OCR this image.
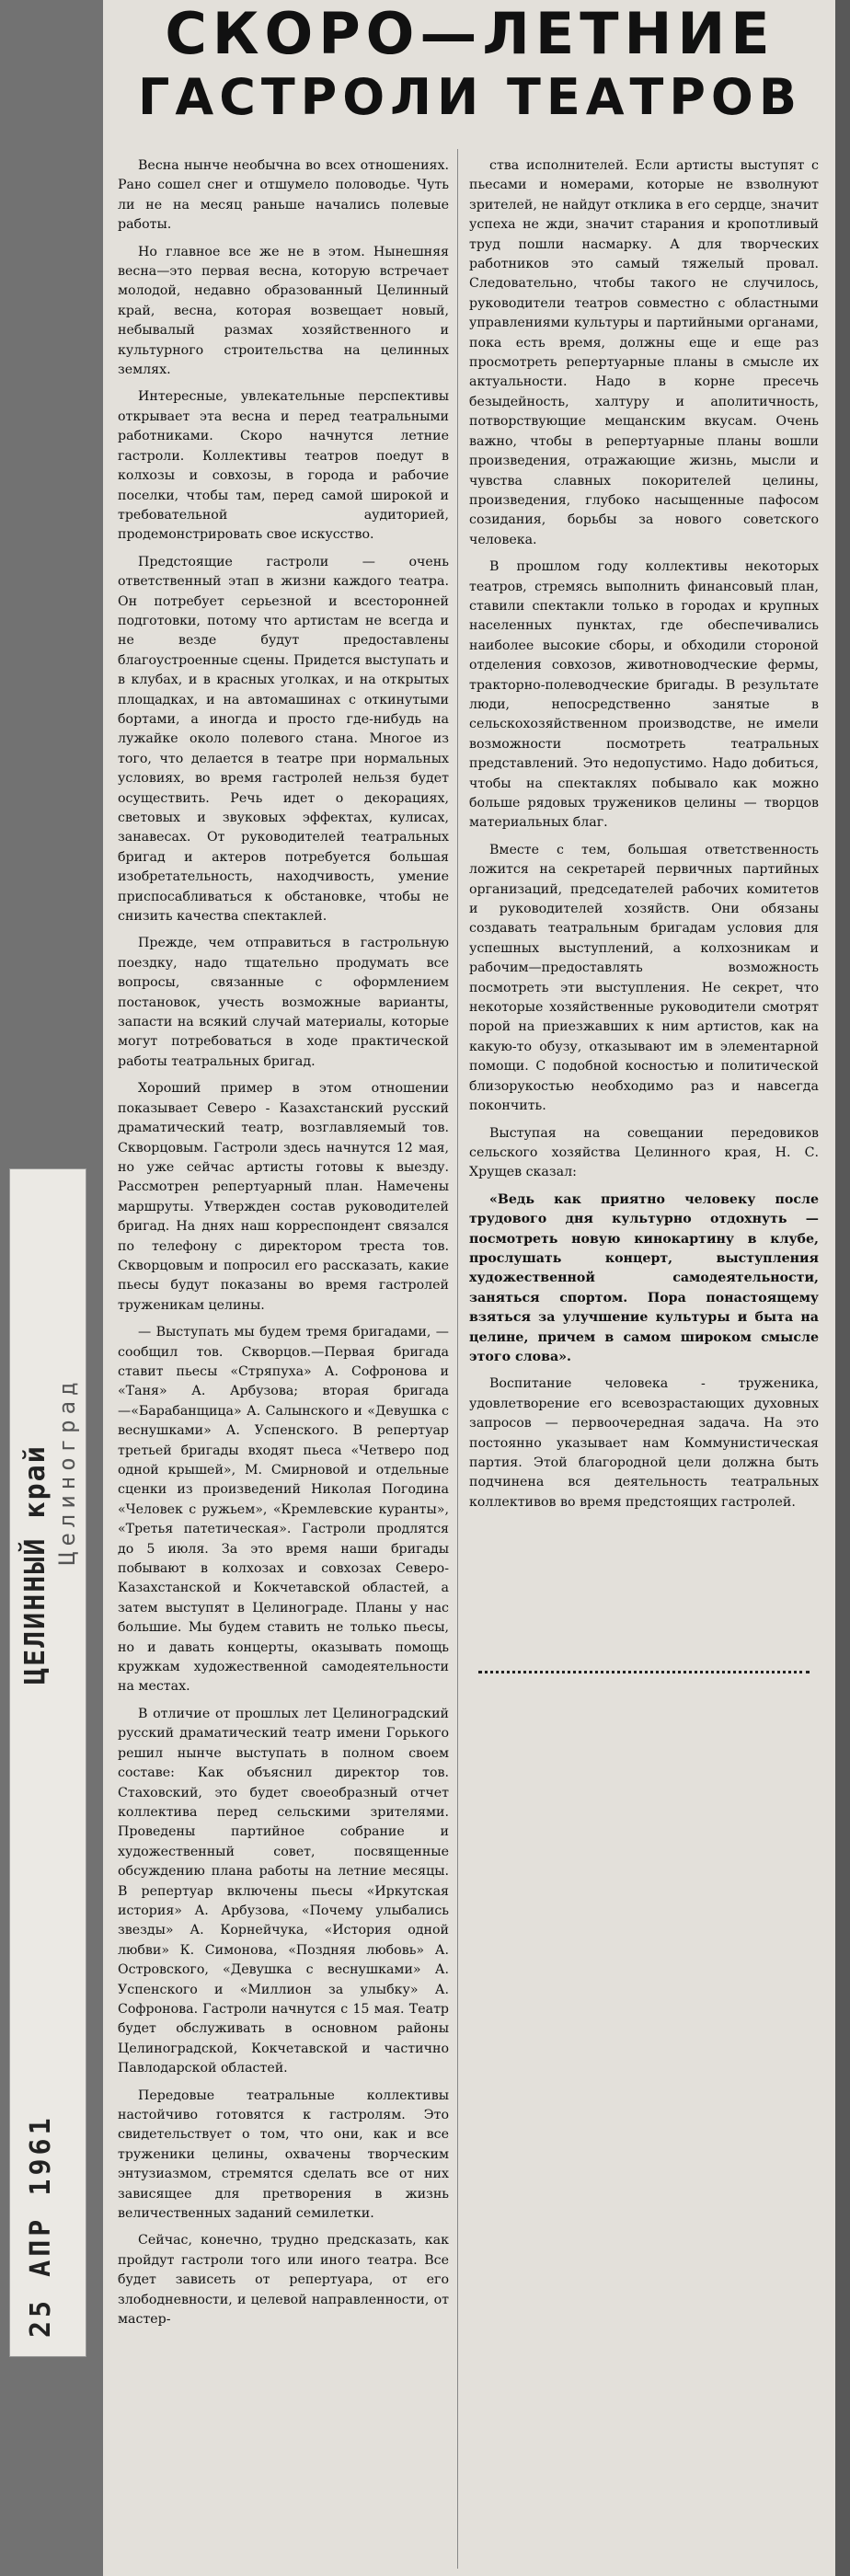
ЦЕЛИННЫЙ край Целиноград
25 АПР 1961
СКОРО—ЛЕТНИЕ
ГАСТРОЛИ ТЕАТРОВ

Весна нынче необычна во всех отношениях. Рано сошел снег и отшумело половодье. Чуть ли не на месяц раньше начались полевые работы.

Но главное все же не в этом. Нынешняя весна—это первая весна, которую встречает молодой, недавно образованный Целинный край, весна, которая возвещает новый, небывалый размах хозяйственного и культурного строительства на целинных землях.

Интересные, увлекательные перспективы открывает эта весна и перед театральными работниками. Скоро начнутся летние гастроли. Коллективы театров поедут в колхозы и совхозы, в города и рабочие поселки, чтобы там, перед самой широкой и требовательной аудиторией, продемонстрировать свое искусство.

Предстоящие гастроли — очень ответственный этап в жизни каждого театра. Он потребует серьезной и всесторонней подготовки, потому что артистам не всегда и не везде будут предоставлены благоустроенные сцены. Придется выступать и в клубах, и в красных уголках, и на открытых площадках, и на автомашинах с откинутыми бортами, а иногда и просто где-нибудь на лужайке около полевого стана. Многое из того, что делается в театре при нормальных условиях, во время гастролей нельзя будет осуществить. Речь идет о декорациях, световых и звуковых эффектах, кулисах, занавесах. От руководителей театральных бригад и актеров потребуется большая изобретательность, находчивость, умение приспосабливаться к обстановке, чтобы не снизить качества спектаклей.

Прежде, чем отправиться в гастрольную поездку, надо тщательно продумать все вопросы, связанные с оформлением постановок, учесть возможные варианты, запасти на всякий случай материалы, которые могут потребоваться в ходе практической работы театральных бригад.

Хороший пример в этом отношении показывает Северо - Казахстанский русский драматический театр, возглавляемый тов. Скворцовым. Гастроли здесь начнутся 12 мая, но уже сейчас артисты готовы к выезду. Рассмотрен репертуарный план. Намечены маршруты. Утвержден состав руководителей бригад. На днях наш корреспондент связался по телефону с директором треста тов. Скворцовым и попросил его рассказать, какие пьесы будут показаны во время гастролей труженикам целины.

— Выступать мы будем тремя бригадами, — сообщил тов. Скворцов.—Первая бригада ставит пьесы «Стряпуха» А. Софронова и «Таня» А. Арбузова; вторая бригада—«Барабанщица» А. Салынского и «Девушка с веснушками» А. Успенского. В репертуар третьей бригады входят пьеса «Четверо под одной крышей», М. Смирновой и отдельные сценки из произведений Николая Погодина «Человек с ружьем», «Кремлевские куранты», «Третья патетическая». Гастроли продлятся до 5 июля. За это время наши бригады побывают в колхозах и совхозах Северо-Казахстанской и Кокчетавской областей, а затем выступят в Целинограде. Планы у нас большие. Мы будем ставить не только пьесы, но и давать концерты, оказывать помощь кружкам художественной самодеятельности на местах.

В отличие от прошлых лет Целиноградский русский драматический театр имени Горького решил нынче выступать в полном своем составе: Как объяснил директор тов. Стаховский, это будет своеобразный отчет коллектива перед сельскими зрителями. Проведены партийное собрание и художественный совет, посвященные обсуждению плана работы на летние месяцы. В репертуар включены пьесы «Иркутская история» А. Арбузова, «Почему улыбались звезды» А. Корнейчука, «История одной любви» К. Симонова, «Поздняя любовь» А. Островского, «Девушка с веснушками» А. Успенского и «Миллион за улыбку» А. Софронова. Гастроли начнутся с 15 мая. Театр будет обслуживать в основном районы Целиноградской, Кокчетавской и частично Павлодарской областей.

Передовые театральные коллективы настойчиво готовятся к гастролям. Это свидетельствует о том, что они, как и все труженики целины, охвачены творческим энтузиазмом, стремятся сделать все от них зависящее для претворения в жизнь величественных заданий семилетки.

Сейчас, конечно, трудно предсказать, как пройдут гастроли того или иного театра. Все будет зависеть от репертуара, от его злободневности, и целевой направленности, от мастер-

ства исполнителей. Если артисты выступят с пьесами и номерами, которые не взволнуют зрителей, не найдут отклика в его сердце, значит успеха не жди, значит старания и кропотливый труд пошли насмарку. А для творческих работников это самый тяжелый провал. Следовательно, чтобы такого не случилось, руководители театров совместно с областными управлениями культуры и партийными органами, пока есть время, должны еще и еще раз просмотреть репертуарные планы в смысле их актуальности. Надо в корне пресечь безыдейность, халтуру и аполитичность, потворствующие мещанским вкусам. Очень важно, чтобы в репертуарные планы вошли произведения, отражающие жизнь, мысли и чувства славных покорителей целины, произведения, глубоко насыщенные пафосом созидания, борьбы за нового советского человека.

В прошлом году коллективы некоторых театров, стремясь выполнить финансовый план, ставили спектакли только в городах и крупных населенных пунктах, где обеспечивались наиболее высокие сборы, и обходили стороной отделения совхозов, животноводческие фермы, тракторно-полеводческие бригады. В результате люди, непосредственно занятые в сельскохозяйственном производстве, не имели возможности посмотреть театральных представлений. Это недопустимо. Надо добиться, чтобы на спектаклях побывало как можно больше рядовых тружеников целины — творцов материальных благ.

Вместе с тем, большая ответственность ложится на секретарей первичных партийных организаций, председателей рабочих комитетов и руководителей хозяйств. Они обязаны создавать театральным бригадам условия для успешных выступлений, а колхозникам и рабочим—предоставлять возможность посмотреть эти выступления. Не секрет, что некоторые хозяйственные руководители смотрят порой на приезжавших к ним артистов, как на какую-то обузу, отказывают им в элементарной помощи. С подобной косностью и политической близорукостью необходимо раз и навсегда покончить.

Выступая на совещании передовиков сельского хозяйства Целинного края, Н. С. Хрущев сказал:

«Ведь как приятно человеку после трудового дня культурно отдохнуть — посмотреть новую кинокартину в клубе, прослушать концерт, выступления художественной самодеятельности, заняться спортом. Пора понастоящему взяться за улучшение культуры и быта на целине, причем в самом широком смысле этого слова».

Воспитание человека - труженика, удовлетворение его всевозрастающих духовных запросов — первоочередная задача. На это постоянно указывает нам Коммунистическая партия. Этой благородной цели должна быть подчинена вся деятельность театральных коллективов во время предстоящих гастролей.
